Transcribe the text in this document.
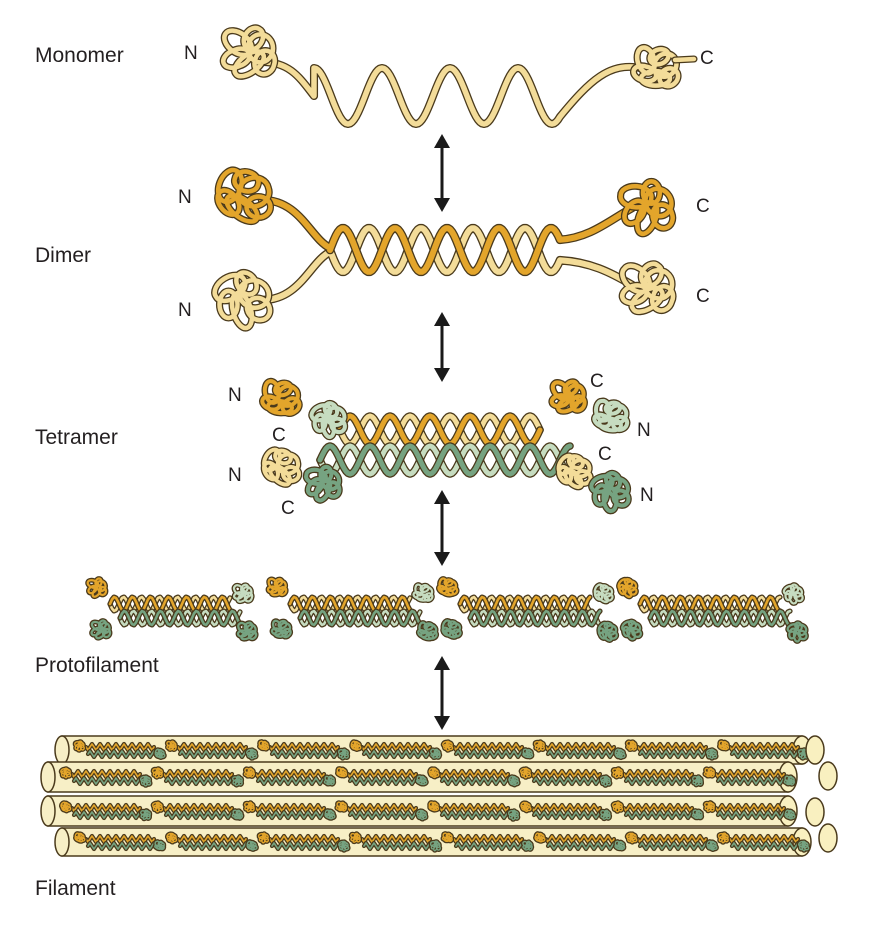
Monomer
Dimer
Tetramer
Protofilament
Filament
N	C
N
N
C
C
N
C
N
C
C
N
C
N
